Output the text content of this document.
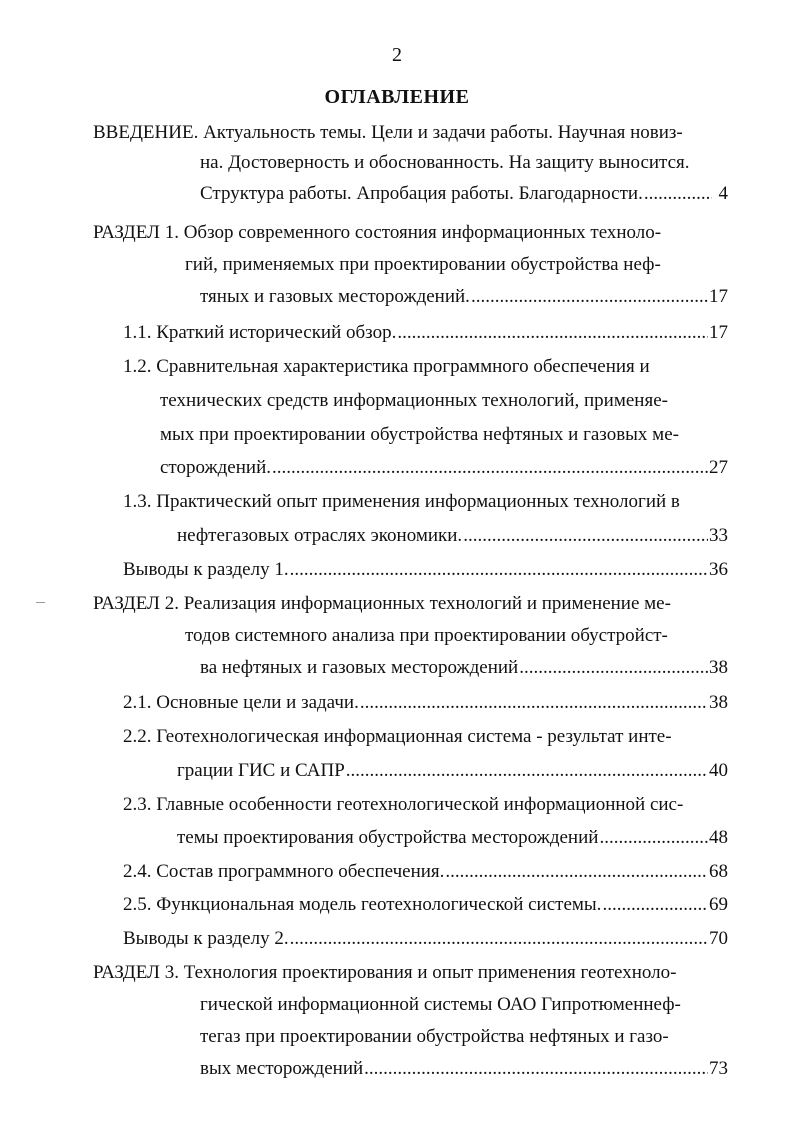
2
ОГЛАВЛЕНИЕ
ВВЕДЕНИЕ. Актуальность темы. Цели и задачи работы. Научная новиз-
на. Достоверность и обоснованность. На защиту выносится.
Структура работы. Апробация работы. Благодарности. .....	4
РАЗДЕЛ 1. Обзор современного состояния информационных техноло-
гий, применяемых при проектировании обустройства неф-
тяных и газовых месторождений. .....	17
1.1. Краткий исторический обзор. .....	17
1.2. Сравнительная характеристика программного обеспечения и
технических средств информационных технологий, применяе-
мых при проектировании обустройства нефтяных и газовых ме-
сторождений. .....	27
1.3. Практический опыт применения информационных технологий в
нефтегазовых отраслях экономики. .....	33
Выводы к разделу 1. .....	36
РАЗДЕЛ 2. Реализация информационных технологий и применение ме-
тодов системного анализа при проектировании обустройст-
ва нефтяных и газовых месторождений .....	38
2.1. Основные цели и задачи. .....	38
2.2. Геотехнологическая информационная система - результат инте-
грации ГИС и САПР .....	40
2.3. Главные особенности геотехнологической информационной сис-
темы проектирования обустройства месторождений .....	48
2.4. Состав программного обеспечения. .....	68
2.5. Функциональная модель геотехнологической системы. .....	69
Выводы к разделу 2. .....	70
РАЗДЕЛ 3. Технология проектирования и опыт применения геотехноло-
гической информационной системы ОАО Гипротюменнеф-
тегаз при проектировании обустройства нефтяных и газо-
вых месторождений .....	73
